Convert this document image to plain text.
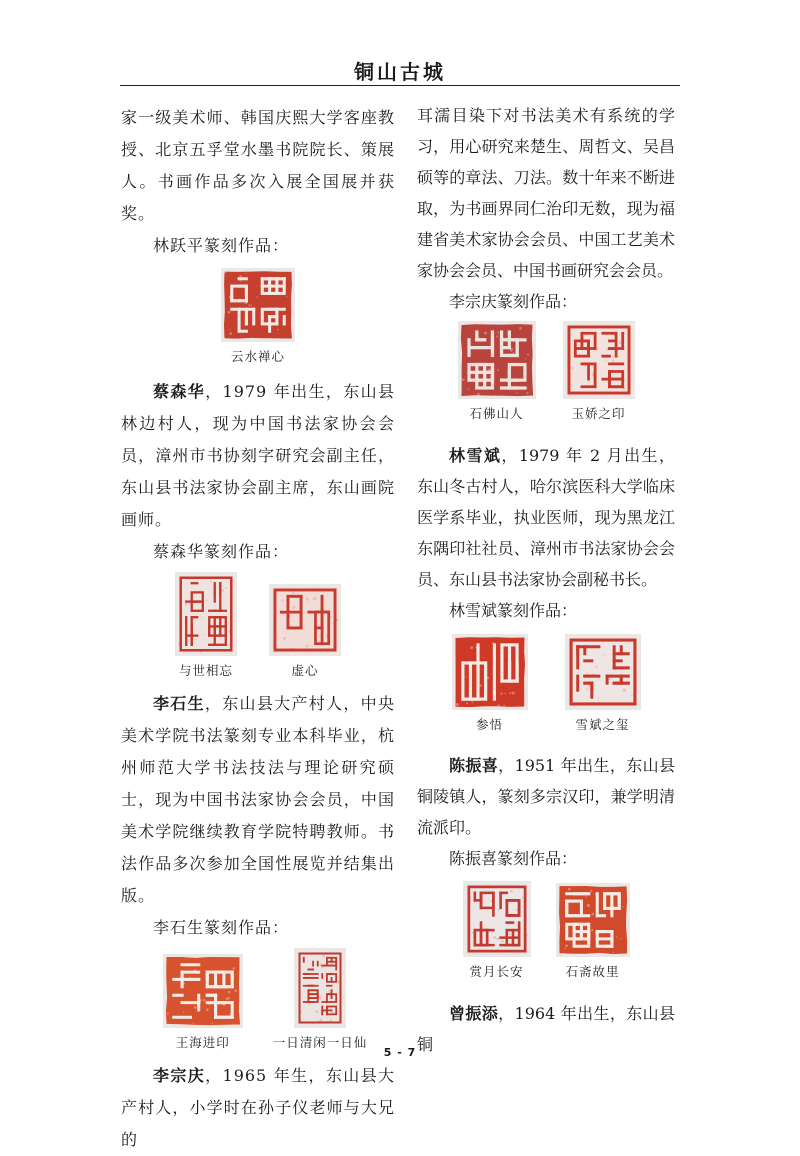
铜山古城

家一级美术师、韩国庆熙大学客座教授、北京五孚堂水墨书院院长、策展人。书画作品多次入展全国展并获奖。

林跃平篆刻作品：

云水禅心

蔡森华，1979 年出生，东山县林边村人，现为中国书法家协会会员，漳州市书协刻字研究会副主任，东山县书法家协会副主席，东山画院画师。

蔡森华篆刻作品：

与世相忘	虚心

李石生，东山县大产村人，中央美术学院书法篆刻专业本科毕业，杭州师范大学书法技法与理论研究硕士，现为中国书法家协会会员，中国美术学院继续教育学院特聘教师。书法作品多次参加全国性展览并结集出版。

李石生篆刻作品：

王海进印	一日清闲一日仙

李宗庆，1965 年生，东山县大产村人，小学时在孙子仪老师与大兄的

耳濡目染下对书法美术有系统的学习，用心研究来楚生、周哲文、吴昌硕等的章法、刀法。数十年来不断进取，为书画界同仁治印无数，现为福建省美术家协会会员、中国工艺美术家协会会员、中国书画研究会会员。

李宗庆篆刻作品：

石佛山人	玉娇之印

林雪斌，1979 年 2 月出生，东山冬古村人，哈尔滨医科大学临床医学系毕业，执业医师，现为黑龙江东隅印社社员、漳州市书法家协会会员、东山县书法家协会副秘书长。

林雪斌篆刻作品：

参悟	雪斌之玺

陈振喜，1951 年出生，东山县铜陵镇人，篆刻多宗汉印，兼学明清流派印。

陈振喜篆刻作品：

赏月长安	石斋故里

曾振添，1964 年出生，东山县铜

5 - 7
